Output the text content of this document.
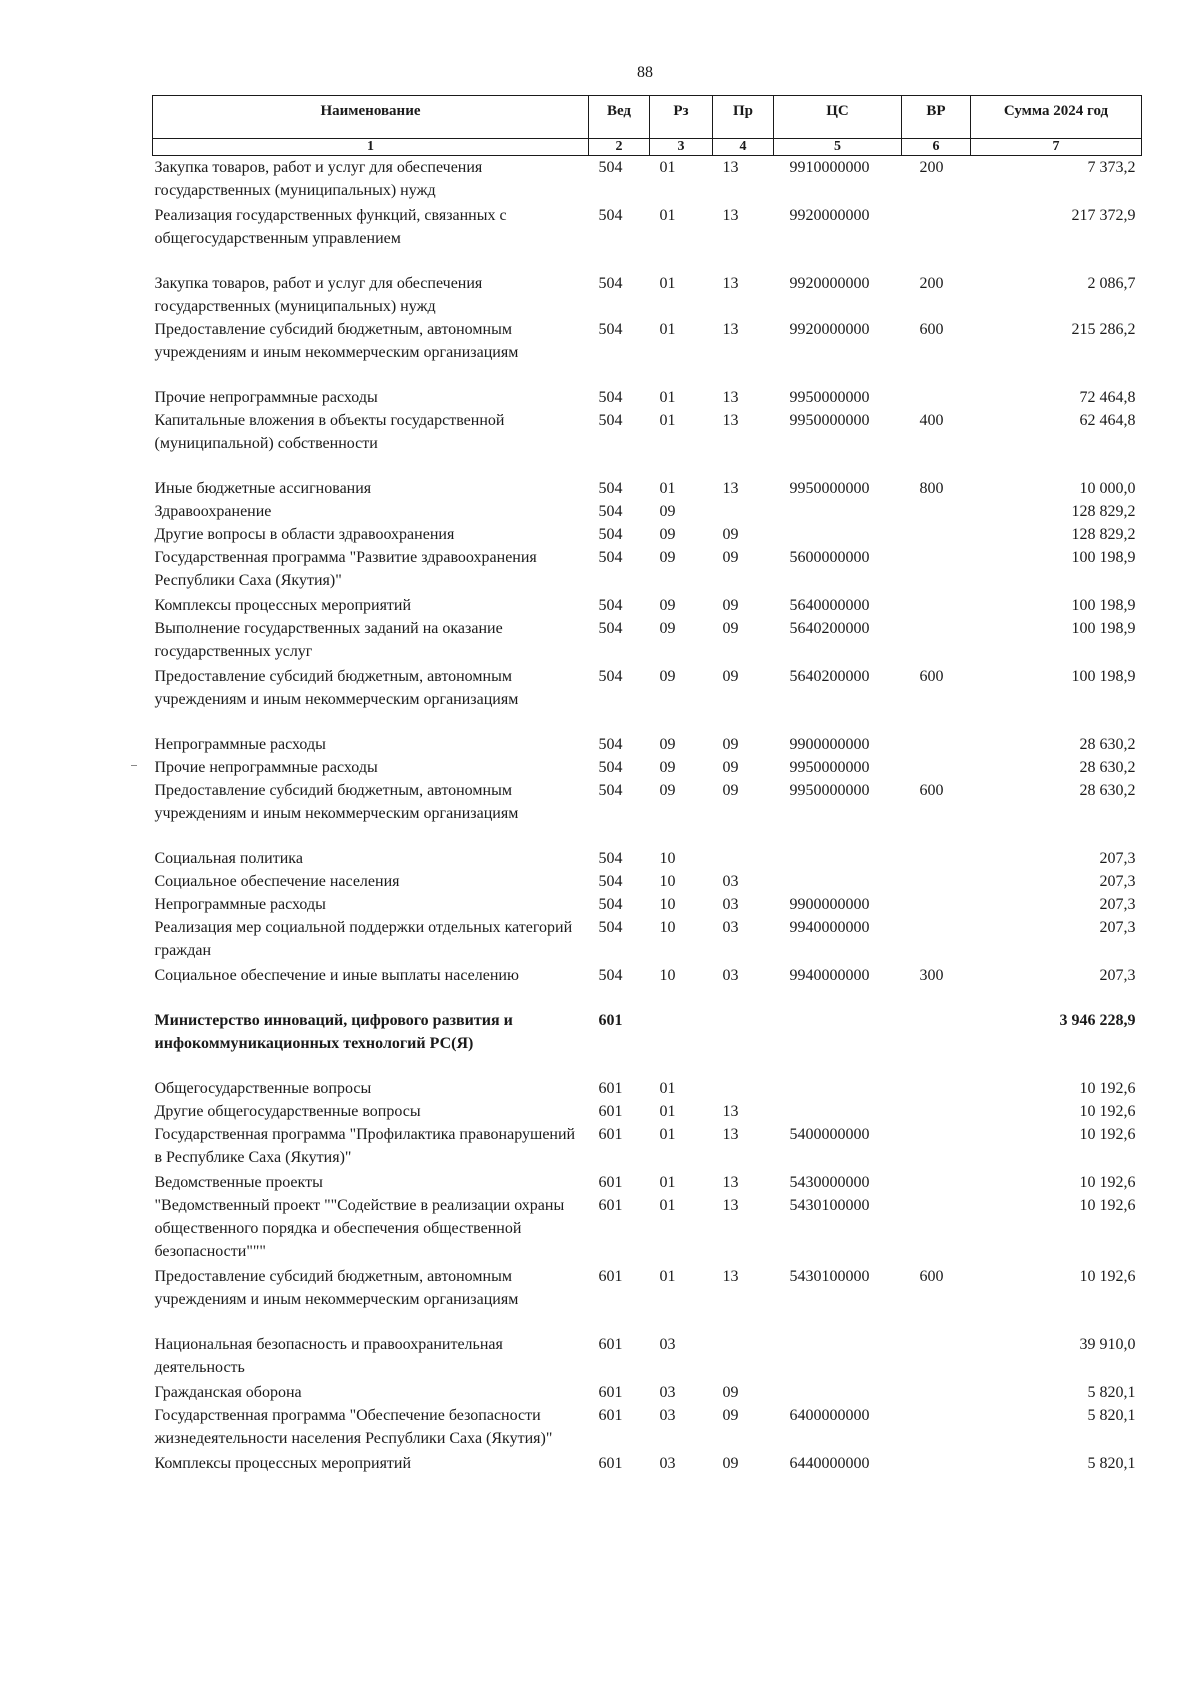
88
Наименование	Вед	Рз	Пр	ЦС	ВР	Сумма 2024 год
1	2	3	4	5	6	7
Закупка товаров, работ и услуг для обеспечения государственных (муниципальных) нужд	504	01	13	9910000000	200	7 373,2
Реализация государственных функций, связанных с общегосударственным управлением	504	01	13	9920000000		217 372,9
Закупка товаров, работ и услуг для обеспечения государственных (муниципальных) нужд	504	01	13	9920000000	200	2 086,7
Предоставление субсидий бюджетным, автономным учреждениям и иным некоммерческим организациям	504	01	13	9920000000	600	215 286,2
Прочие непрограммные расходы	504	01	13	9950000000		72 464,8
Капитальные вложения в объекты государственной (муниципальной) собственности	504	01	13	9950000000	400	62 464,8
Иные бюджетные ассигнования	504	01	13	9950000000	800	10 000,0
Здравоохранение	504	09				128 829,2
Другие вопросы в области здравоохранения	504	09	09			128 829,2
Государственная программа "Развитие здравоохранения Республики Саха (Якутия)"	504	09	09	5600000000		100 198,9
Комплексы процессных мероприятий	504	09	09	5640000000		100 198,9
Выполнение государственных заданий на оказание государственных услуг	504	09	09	5640200000		100 198,9
Предоставление субсидий бюджетным, автономным учреждениям и иным некоммерческим организациям	504	09	09	5640200000	600	100 198,9
Непрограммные расходы	504	09	09	9900000000		28 630,2
Прочие непрограммные расходы	504	09	09	9950000000		28 630,2
Предоставление субсидий бюджетным, автономным учреждениям и иным некоммерческим организациям	504	09	09	9950000000	600	28 630,2
Социальная политика	504	10				207,3
Социальное обеспечение населения	504	10	03			207,3
Непрограммные расходы	504	10	03	9900000000		207,3
Реализация мер социальной поддержки отдельных категорий граждан	504	10	03	9940000000		207,3
Социальное обеспечение и иные выплаты населению	504	10	03	9940000000	300	207,3
Министерство инноваций, цифрового развития и инфокоммуникационных технологий РС(Я)	601					3 946 228,9
Общегосударственные вопросы	601	01				10 192,6
Другие общегосударственные вопросы	601	01	13			10 192,6
Государственная программа "Профилактика правонарушений в Республике Саха (Якутия)"	601	01	13	5400000000		10 192,6
Ведомственные проекты	601	01	13	5430000000		10 192,6
"Ведомственный проект ""Содействие в реализации охраны общественного порядка и обеспечения общественной безопасности"""	601	01	13	5430100000		10 192,6
Предоставление субсидий бюджетным, автономным учреждениям и иным некоммерческим организациям	601	01	13	5430100000	600	10 192,6
Национальная безопасность и правоохранительная деятельность	601	03				39 910,0
Гражданская оборона	601	03	09			5 820,1
Государственная программа "Обеспечение безопасности жизнедеятельности населения Республики Саха (Якутия)"	601	03	09	6400000000		5 820,1
Комплексы процессных мероприятий	601	03	09	6440000000		5 820,1
